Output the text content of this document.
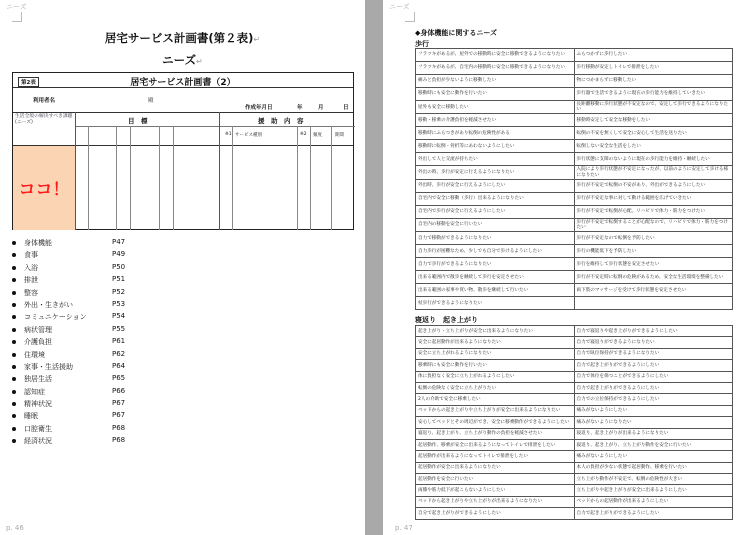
ニーズ
居宅サービス計画書(第２表)↵
ニーズ↵
第2表	居宅サービス計画書（2）
利用者名	殿
作成年月日	年	月	日
生活全般の解決すべき課題(ニーズ)	目　標	援　助　内　容
※1 サービス種別	※2 頻度	期間
ココ！
身体機能	P47
食事	P49
入浴	P50
排泄	P51
整容	P52
外出・生きがい	P53
コミュニケーション	P54
病状管理	P55
介護負担	P61
住環境	P62
家事・生活援助	P64
独居生活	P65
認知症	P66
精神状況	P67
睡眠	P67
口腔衛生	P68
経済状況	P68
p. 46
ニーズ
◆身体機能に関するニーズ
歩行
フラツキがあるが、屋外での移動時に安全に移動できるようになりたい	ふらつかずに歩行したい
フラツキがあるが、自宅内の移動時に安全に移動できるようになりたい	歩行移動が安定しトイレで排泄をしたい
痛みと負担が少ないように移動したい	物につかまらずに移動したい
移動時にも安全に動作を行いたい	歩行器で生活できるように現在の歩行能力を維持していきたい
屋外も安全に移動したい	長距離移動に歩行状態が不安定なので、安定して歩行できるようになりたい
移動・移乗の介護負担を軽減させたい	移動時安定して安全な移動をしたい
移動時にふらつきがあり転倒の危険性がある	転倒の不安を無くして安全に安心して生活を送りたい
移動時に転倒・骨折等にあわないようにしたい	転倒しない安全な生活をしたい
外出して人と交流が持ちたい	歩行状態に支障のないように現在の歩行能力を維持・継続したい
外出の時、歩行が安定に行えるようになりたい	入院により歩行状態が不安定になったが、以前のように安定して歩ける様になりたい
外出時、歩行が安全に行えるようにしたい	歩行が不安定で転倒の不安があり、外出ができるようにしたい
自宅内で安全に移動（歩行）出来るようになりたい	歩行が不安定な事に対して動ける範囲を広げていきたい
自宅内で歩行が安全に行えるようにしたい	歩行が不安定で転倒が心配。リハビリで体力・筋力をつけたい
自宅内の移動を安全に行いたい	歩行が不安定で転倒することが心配なので、リハビリで体力・筋力をつけたい
自力で移動ができるようになりたい	歩行が不安定なので転倒を予防したい
自力歩行が困難なため、少しでも自分で歩けるようにしたい	歩行の機能低下を予防したい
自力で歩行ができるようになりたい	歩行を維持して歩行状態を安定させたい
出来る範囲内で散歩を継続して歩行を安定させたい	歩行が不安定時に転倒の危険があるため、安全な生活環境を整備したい
出来る範囲の家事や買い物、散歩を継続して行いたい	両下肢のマッサージを受けて歩行状態を安定させたい
杖歩行ができるようになりたい	
寝返り　起き上がり
起き上がり・立ち上がりが安全に出来るようになりたい	自力で寝返りや起き上がりができるようにしたい
安全に起居動作が出来るようになりたい	自力で寝返りができるようになりたい
安全に立ち上がれるようになりたい	自力で臥位保持ができるようになりたい
移乗時にも安全に動作を行いたい	自力で起き上がりができるようにしたい
体に負担なく安全に立ち上がれるようにしたい	自力で体位を保つことができるようにしたい
転倒の危険なく安全に立ち上がりたい	自力で起き上がりができるようにしたい
2人の介助で安全に移乗したい	自力での立位保持ができるようにしたい
ベッドからの起き上がりや立ち上がりが安全に出来るようになりたい	痛みがないようにしたい
安心してベッドとその周辺ができ、安全に移乗動作ができるようにしたい	痛みがないようになりたい
寝返り、起き上がり、立ち上がり動作の負担を軽減させたい	寝返り、起き上がりが出来るようになりたい
起居動作、移乗が安全に出来るようになってトイレで排泄をしたい	寝返り、起き上がり、立ち上がり動作を安全に行いたい
起居動作が出来るようになってトイレで排泄をしたい	痛みがないようにしたい
起居動作が安全に出来るようになりたい	本人の負担が少ない状態で起居動作、移乗を行いたい
起居動作を安全に行いたい	立ち上がり動作が不安定で、転倒の危険性が大きい
両膝や筋力低下が起こらないようにしたい	立ち上がりや起き上がりが安全に出来るようにしたい
ベッドから起き上がりや立ち上がりが出来るようになりたい	ベッドからの起居動作が出来るようにしたい
自分で起き上がりができるようにしたい	自力で起き上がりができるようにしたい
p. 47
